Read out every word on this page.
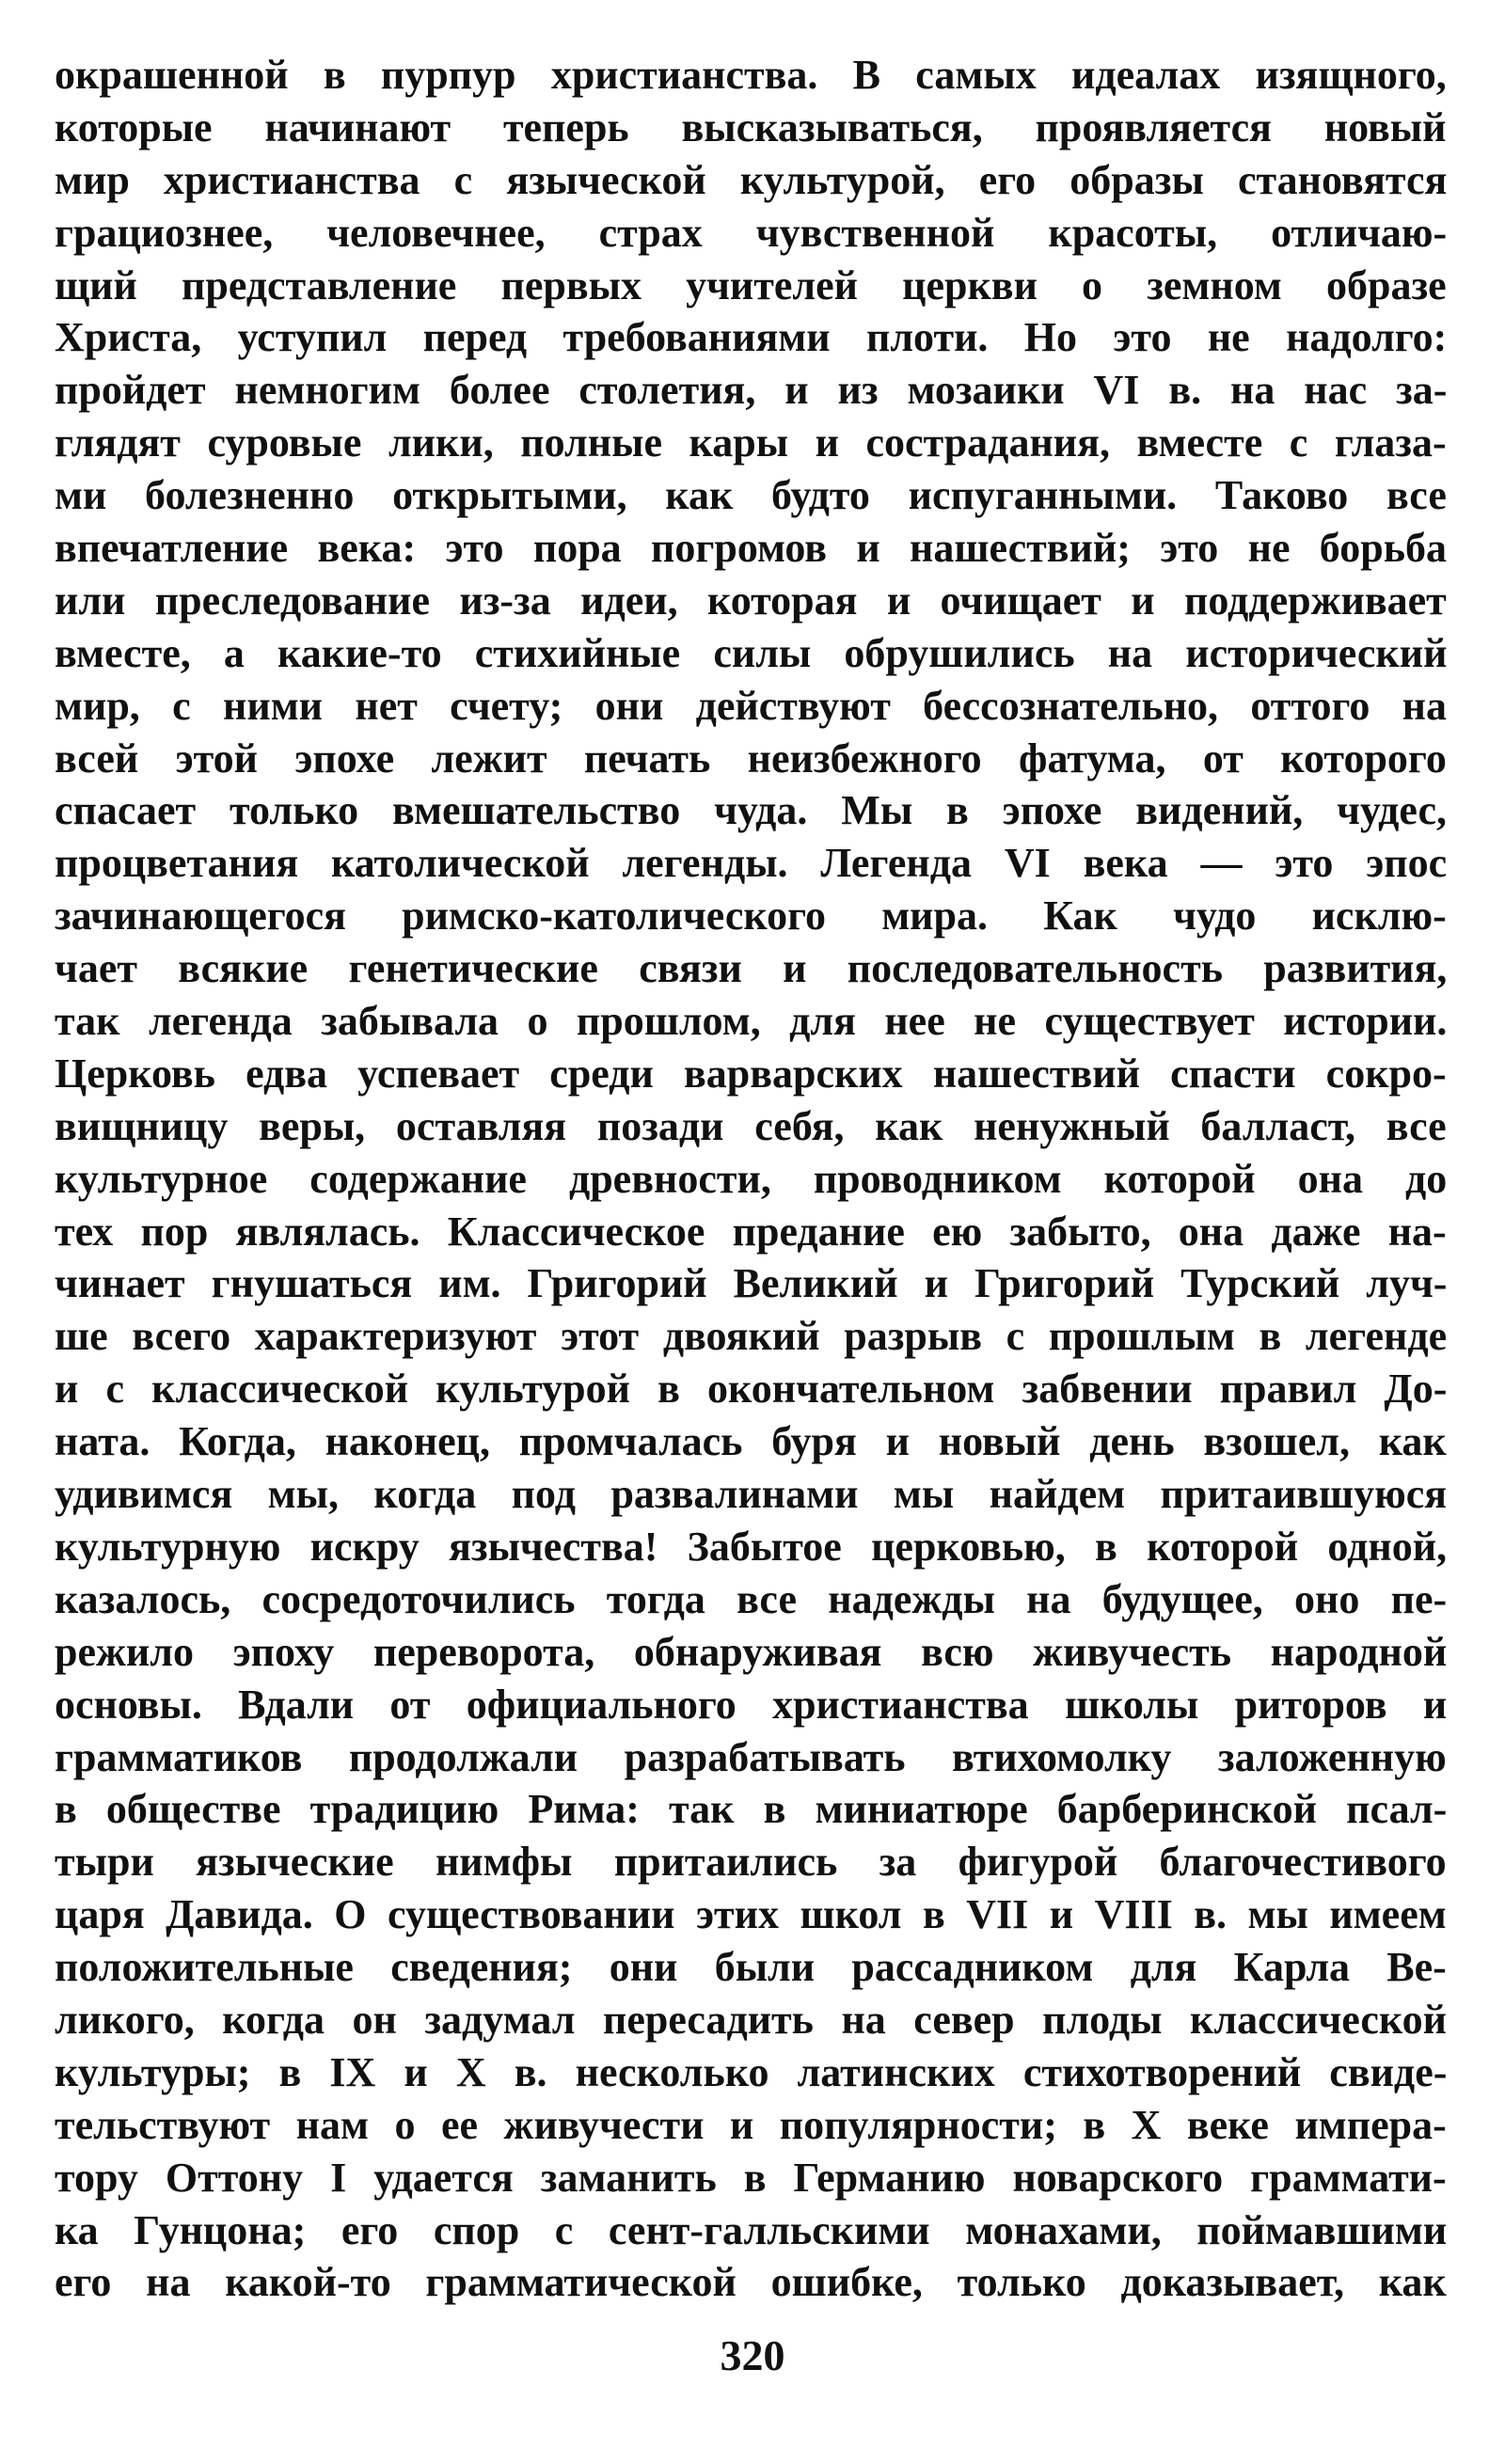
окрашенной в пурпур христианства. В самых идеалах изящного,
которые начинают теперь высказываться, проявляется новый
мир христианства с языческой культурой, его образы становятся
грациознее, человечнее, страх чувственной красоты, отличаю-
щий представление первых учителей церкви о земном образе
Христа, уступил перед требованиями плоти. Но это не надолго:
пройдет немногим более столетия, и из мозаики VI в. на нас за-
глядят суровые лики, полные кары и сострадания, вместе с глаза-
ми болезненно открытыми, как будто испуганными. Таково все
впечатление века: это пора погромов и нашествий; это не борьба
или преследование из-за идеи, которая и очищает и поддерживает
вместе, а какие-то стихийные силы обрушились на исторический
мир, с ними нет счету; они действуют бессознательно, оттого на
всей этой эпохе лежит печать неизбежного фатума, от которого
спасает только вмешательство чуда. Мы в эпохе видений, чудес,
процветания католической легенды. Легенда VI века — это эпос
зачинающегося римско-католического мира. Как чудо исклю-
чает всякие генетические связи и последовательность развития,
так легенда забывала о прошлом, для нее не существует истории.
Церковь едва успевает среди варварских нашествий спасти сокро-
вищницу веры, оставляя позади себя, как ненужный балласт, все
культурное содержание древности, проводником которой она до
тех пор являлась. Классическое предание ею забыто, она даже на-
чинает гнушаться им. Григорий Великий и Григорий Турский луч-
ше всего характеризуют этот двоякий разрыв с прошлым в легенде
и с классической культурой в окончательном забвении правил До-
ната. Когда, наконец, промчалась буря и новый день взошел, как
удивимся мы, когда под развалинами мы найдем притаившуюся
культурную искру язычества! Забытое церковью, в которой одной,
казалось, сосредоточились тогда все надежды на будущее, оно пе-
режило эпоху переворота, обнаруживая всю живучесть народной
основы. Вдали от официального христианства школы риторов и
грамматиков продолжали разрабатывать втихомолку заложенную
в обществе традицию Рима: так в миниатюре барберинской псал-
тыри языческие нимфы притаились за фигурой благочестивого
царя Давида. О существовании этих школ в VII и VIII в. мы имеем
положительные сведения; они были рассадником для Карла Ве-
ликого, когда он задумал пересадить на север плоды классической
культуры; в IX и X в. несколько латинских стихотворений свиде-
тельствуют нам о ее живучести и популярности; в X веке импера-
тору Оттону I удается заманить в Германию новарского граммати-
ка Гунцона; его спор с сент-галльскими монахами, поймавшими
его на какой-то грамматической ошибке, только доказывает, как
320
